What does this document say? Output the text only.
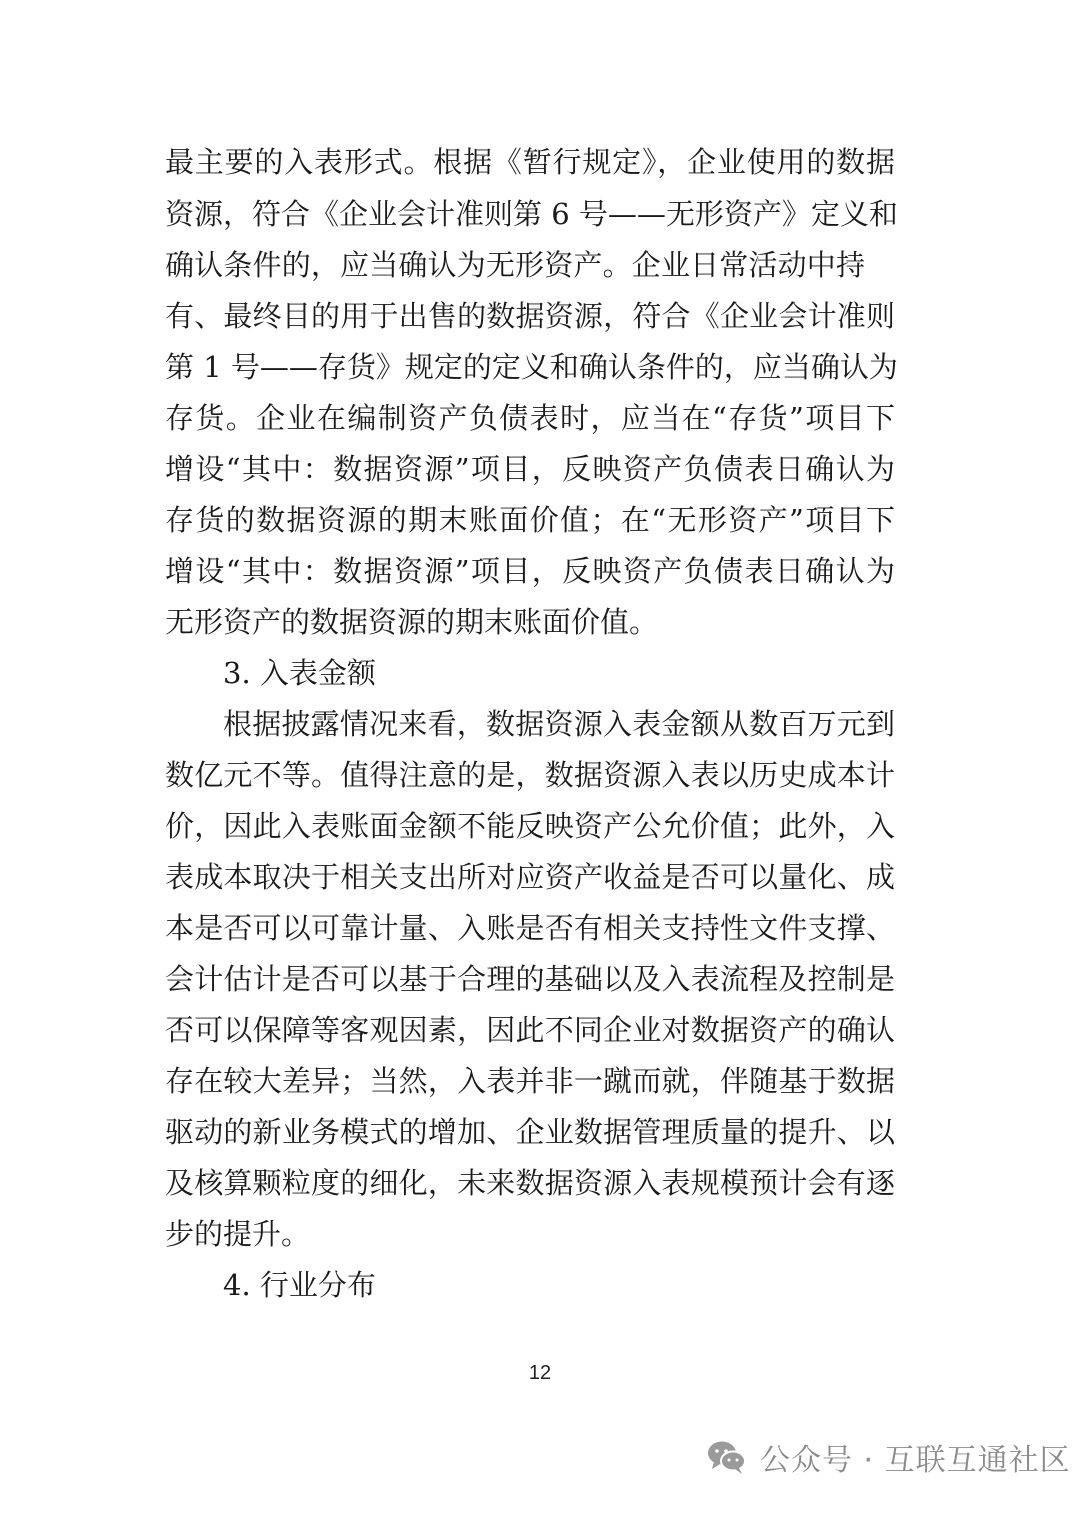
最主要的入表形式。根据《暂行规定》，企业使用的数据
资源，符合《企业会计准则第 6 号——无形资产》定义和
确认条件的，应当确认为无形资产。企业日常活动中持
有、最终目的用于出售的数据资源，符合《企业会计准则
第 1 号——存货》规定的定义和确认条件的，应当确认为
存货。企业在编制资产负债表时，应当在“存货”项目下
增设“其中：数据资源”项目，反映资产负债表日确认为
存货的数据资源的期末账面价值；在“无形资产”项目下
增设“其中：数据资源”项目，反映资产负债表日确认为
无形资产的数据资源的期末账面价值。
3. 入表金额
根据披露情况来看，数据资源入表金额从数百万元到
数亿元不等。值得注意的是，数据资源入表以历史成本计
价，因此入表账面金额不能反映资产公允价值；此外，入
表成本取决于相关支出所对应资产收益是否可以量化、成
本是否可以可靠计量、入账是否有相关支持性文件支撑、
会计估计是否可以基于合理的基础以及入表流程及控制是
否可以保障等客观因素，因此不同企业对数据资产的确认
存在较大差异；当然，入表并非一蹴而就，伴随基于数据
驱动的新业务模式的增加、企业数据管理质量的提升、以
及核算颗粒度的细化，未来数据资源入表规模预计会有逐
步的提升。
4. 行业分布
12
公众号 · 互联互通社区
